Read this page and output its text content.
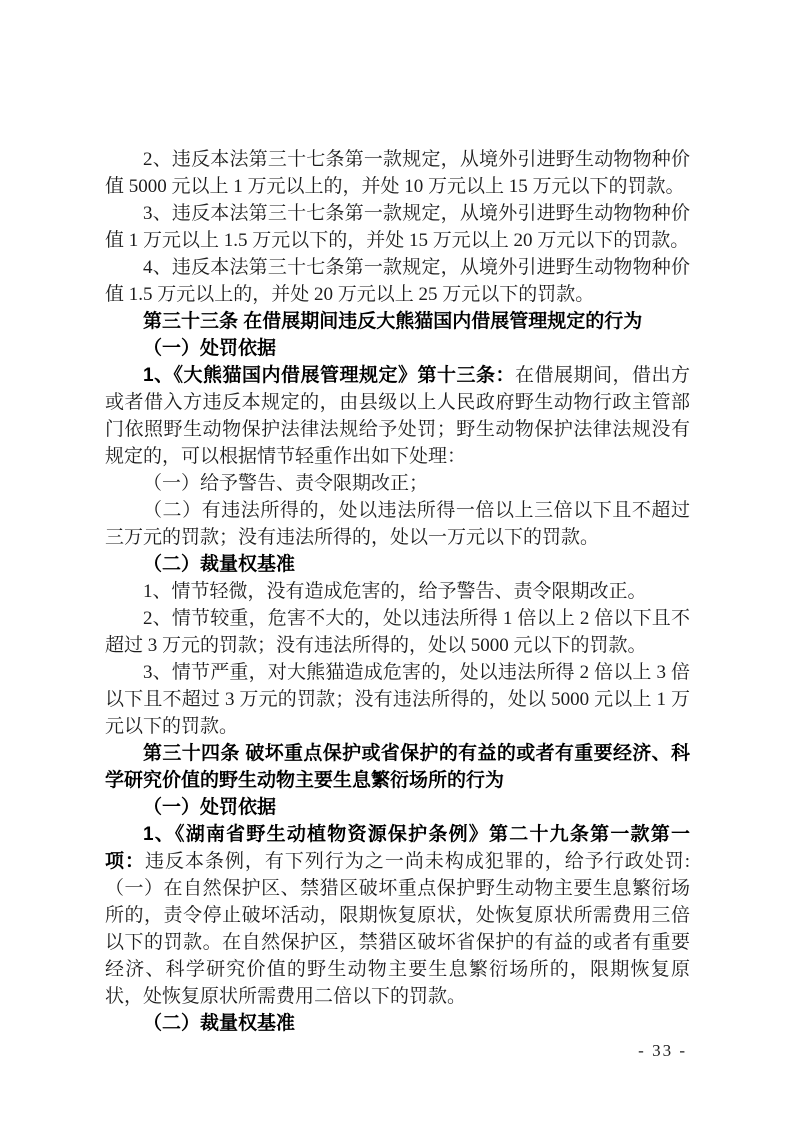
2、违反本法第三十七条第一款规定，从境外引进野生动物物种价值 5000 元以上 1 万元以上的，并处 10 万元以上 15 万元以下的罚款。

3、违反本法第三十七条第一款规定，从境外引进野生动物物种价值 1 万元以上 1.5 万元以下的，并处 15 万元以上 20 万元以下的罚款。

4、违反本法第三十七条第一款规定，从境外引进野生动物物种价值 1.5 万元以上的，并处 20 万元以上 25 万元以下的罚款。

第三十三条 在借展期间违反大熊猫国内借展管理规定的行为

（一）处罚依据

1、《大熊猫国内借展管理规定》第十三条：在借展期间，借出方或者借入方违反本规定的，由县级以上人民政府野生动物行政主管部门依照野生动物保护法律法规给予处罚；野生动物保护法律法规没有规定的，可以根据情节轻重作出如下处理：

（一）给予警告、责令限期改正；

（二）有违法所得的，处以违法所得一倍以上三倍以下且不超过三万元的罚款；没有违法所得的，处以一万元以下的罚款。

（二）裁量权基准

1、情节轻微，没有造成危害的，给予警告、责令限期改正。

2、情节较重，危害不大的，处以违法所得 1 倍以上 2 倍以下且不超过 3 万元的罚款；没有违法所得的，处以 5000 元以下的罚款。

3、情节严重，对大熊猫造成危害的，处以违法所得 2 倍以上 3 倍以下且不超过 3 万元的罚款；没有违法所得的，处以 5000 元以上 1 万元以下的罚款。

第三十四条 破坏重点保护或省保护的有益的或者有重要经济、科学研究价值的野生动物主要生息繁衍场所的行为

（一）处罚依据

1、《湖南省野生动植物资源保护条例》第二十九条第一款第一项：违反本条例，有下列行为之一尚未构成犯罪的，给予行政处罚:（一）在自然保护区、禁猎区破坏重点保护野生动物主要生息繁衍场所的，责令停止破坏活动，限期恢复原状，处恢复原状所需费用三倍以下的罚款。在自然保护区，禁猎区破坏省保护的有益的或者有重要经济、科学研究价值的野生动物主要生息繁衍场所的，限期恢复原状，处恢复原状所需费用二倍以下的罚款。

（二）裁量权基准

- 33 -
